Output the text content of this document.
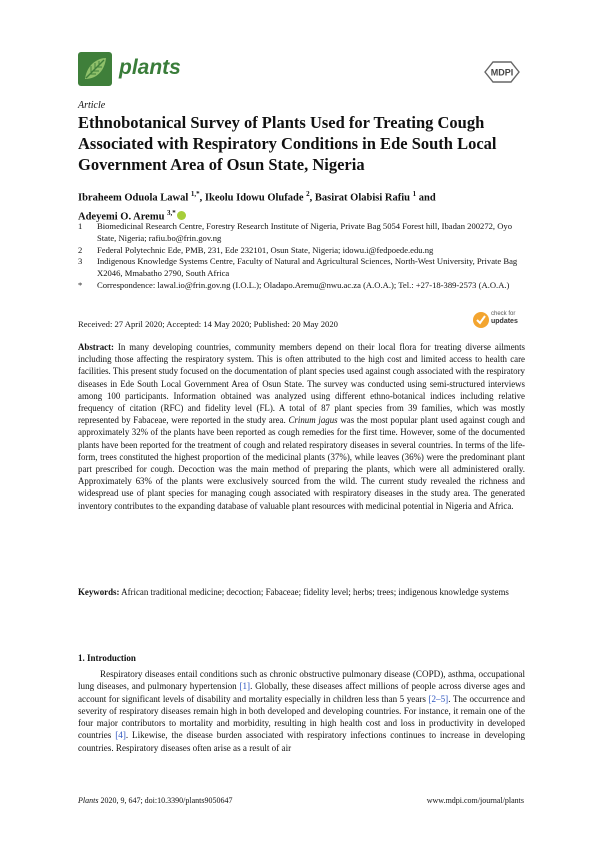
plants	MDPI
Article
Ethnobotanical Survey of Plants Used for Treating Cough Associated with Respiratory Conditions in Ede South Local Government Area of Osun State, Nigeria
Ibraheem Oduola Lawal $^{1,*}$, Ikeolu Idowu Olufade $^2$, Basirat Olabisi Rafiu $^1$ and
Adeyemi O. Aremu $^{3,*}$
1	Biomedicinal Research Centre, Forestry Research Institute of Nigeria, Private Bag 5054 Forest hill, Ibadan 200272, Oyo State, Nigeria; rafiu.bo@frin.gov.ng
2	Federal Polytechnic Ede, PMB, 231, Ede 232101, Osun State, Nigeria; idowu.i@fedpoede.edu.ng
3	Indigenous Knowledge Systems Centre, Faculty of Natural and Agricultural Sciences, North-West University, Private Bag X2046, Mmabatho 2790, South Africa
*	Correspondence: lawal.io@frin.gov.ng (I.O.L.); Oladapo.Aremu@nwu.ac.za (A.O.A.); Tel.: +27-18-389-2573 (A.O.A.)
Received: 27 April 2020; Accepted: 14 May 2020; Published: 20 May 2020
check for
updates
Abstract: In many developing countries, community members depend on their local flora for treating diverse ailments including those affecting the respiratory system. This is often attributed to the high cost and limited access to health care facilities. This present study focused on the documentation of plant species used against cough associated with the respiratory diseases in Ede South Local Government Area of Osun State. The survey was conducted using semi-structured interviews among 100 participants. Information obtained was analyzed using different ethno-botanical indices including relative frequency of citation (RFC) and fidelity level (FL). A total of 87 plant species from 39 families, which was mostly represented by Fabaceae, were reported in the study area. Crinum jagus was the most popular plant used against cough and approximately 32% of the plants have been reported as cough remedies for the first time. However, some of the documented plants have been reported for the treatment of cough and related respiratory diseases in several countries. In terms of the life-form, trees constituted the highest proportion of the medicinal plants (37%), while leaves (36%) were the predominant plant part prescribed for cough. Decoction was the main method of preparing the plants, which were all administered orally. Approximately 63% of the plants were exclusively sourced from the wild. The current study revealed the richness and widespread use of plant species for managing cough associated with respiratory diseases in the study area. The generated inventory contributes to the expanding database of valuable plant resources with medicinal potential in Nigeria and Africa.
Keywords: African traditional medicine; decoction; Fabaceae; fidelity level; herbs; trees; indigenous knowledge systems
1. Introduction
Respiratory diseases entail conditions such as chronic obstructive pulmonary disease (COPD), asthma, occupational lung diseases, and pulmonary hypertension [1]. Globally, these diseases affect millions of people across diverse ages and account for significant levels of disability and mortality especially in children less than 5 years [2–5]. The occurrence and severity of respiratory diseases remain high in both developed and developing countries. For instance, it remain one of the four major contributors to mortality and morbidity, resulting in high health cost and loss in productivity in developed countries [4]. Likewise, the disease burden associated with respiratory infections continues to increase in developing countries. Respiratory diseases often arise as a result of air
Plants 2020, 9, 647; doi:10.3390/plants9050647	www.mdpi.com/journal/plants
